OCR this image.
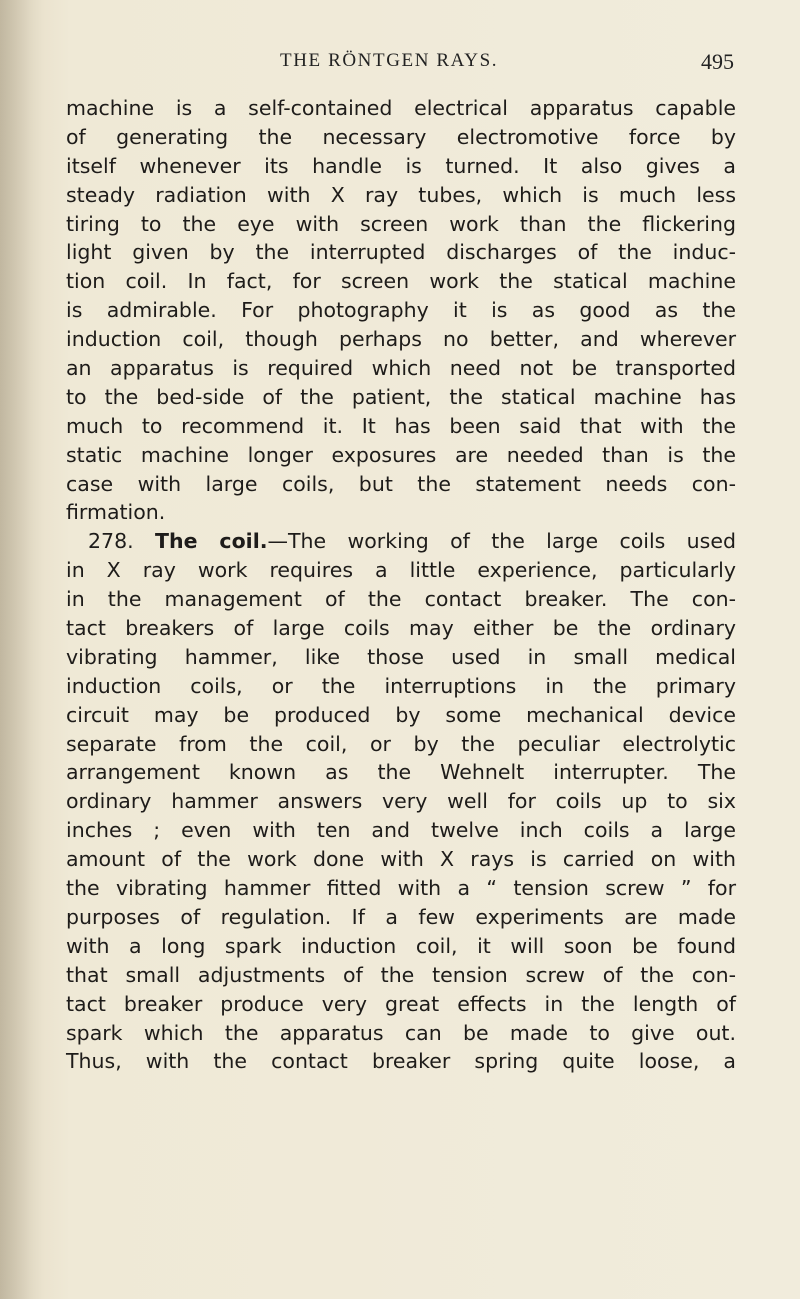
THE RÖNTGEN RAYS.	495
machine is a self-contained electrical apparatus capable
of generating the necessary electromotive force by
itself whenever its handle is turned. It also gives a
steady radiation with X ray tubes, which is much less
tiring to the eye with screen work than the flickering
light given by the interrupted discharges of the induc-
tion coil. In fact, for screen work the statical machine
is admirable. For photography it is as good as the
induction coil, though perhaps no better, and wherever
an apparatus is required which need not be transported
to the bed-side of the patient, the statical machine has
much to recommend it. It has been said that with the
static machine longer exposures are needed than is the
case with large coils, but the statement needs con-
firmation.
278. The coil.—The working of the large coils used
in X ray work requires a little experience, particularly
in the management of the contact breaker. The con-
tact breakers of large coils may either be the ordinary
vibrating hammer, like those used in small medical
induction coils, or the interruptions in the primary
circuit may be produced by some mechanical device
separate from the coil, or by the peculiar electrolytic
arrangement known as the Wehnelt interrupter. The
ordinary hammer answers very well for coils up to six
inches ; even with ten and twelve inch coils a large
amount of the work done with X rays is carried on with
the vibrating hammer fitted with a “ tension screw ” for
purposes of regulation. If a few experiments are made
with a long spark induction coil, it will soon be found
that small adjustments of the tension screw of the con-
tact breaker produce very great effects in the length of
spark which the apparatus can be made to give out.
Thus, with the contact breaker spring quite loose, a
